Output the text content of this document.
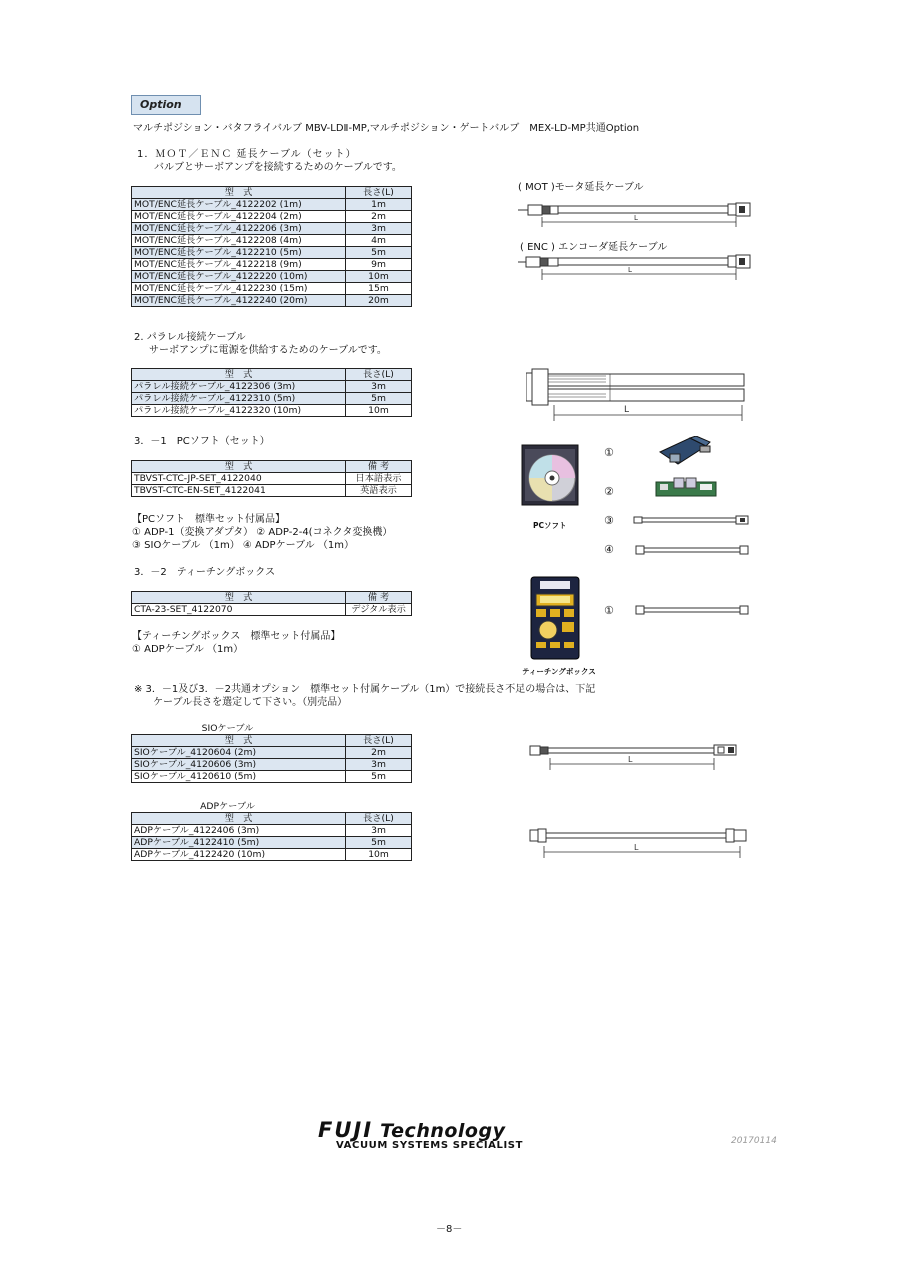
Option
マルチポジション・バタフライバルブ MBV-LDⅡ-MP,マルチポジション・ゲートバルブ　MEX-LD-MP共通Option
1．ＭＯＴ／ＥＮＣ 延長ケーブル（セット）
バルブとサーボアンプを接続するためのケーブルです。
型　式	長さ(L)
MOT/ENC延長ケーブル_4122202 (1m)	1m
MOT/ENC延長ケーブル_4122204 (2m)	2m
MOT/ENC延長ケーブル_4122206 (3m)	3m
MOT/ENC延長ケーブル_4122208 (4m)	4m
MOT/ENC延長ケーブル_4122210 (5m)	5m
MOT/ENC延長ケーブル_4122218 (9m)	9m
MOT/ENC延長ケーブル_4122220 (10m)	10m
MOT/ENC延長ケーブル_4122230 (15m)	15m
MOT/ENC延長ケーブル_4122240 (20m)	20m
( MOT )モータ延長ケーブル
L
( ENC ) エンコーダ延長ケーブル
L
2. パラレル接続ケーブル
サーボアンプに電源を供給するためのケーブルです。
型　式	長さ(L)
パラレル接続ケーブル_4122306 (3m)	3m
パラレル接続ケーブル_4122310 (5m)	5m
パラレル接続ケーブル_4122320 (10m)	10m	L
3．－1　PCソフト（セット）
型　式	備 考
TBVST-CTC-JP-SET_4122040	日本語表示
TBVST-CTC-EN-SET_4122041	英語表示
【PCソフト　標準セット付属品】
① ADP-1（変換アダプタ） ② ADP-2-4(コネクタ変換機）
③ SIOケーブル （1m） ④ ADPケーブル （1m）
PCソフト
①
②
③
④
3．－2　ティーチングボックス
型　式	備 考
CTA-23-SET_4122070	デジタル表示
【ティーチングボックス　標準セット付属品】
① ADPケーブル （1m）
ティーチングボックス
①
※ 3．－1及び3．－2共通オプション　標準セット付属ケーブル（1m）で接続長さ不足の場合は、下記
ケーブル長さを選定して下さい。（別売品）
SIOケーブル	
型　式	長さ(L)
SIOケーブル_4120604 (2m)	2m
SIOケーブル_4120606 (3m)	3m
SIOケーブル_4120610 (5m)	5m
L
ADPケーブル	
型　式	長さ(L)
ADPケーブル_4122406 (3m)	3m
ADPケーブル_4122410 (5m)	5m
ADPケーブル_4122420 (10m)	10m
L
FUJI Technology
VACUUM SYSTEMS SPECIALIST	20170114
－8－
